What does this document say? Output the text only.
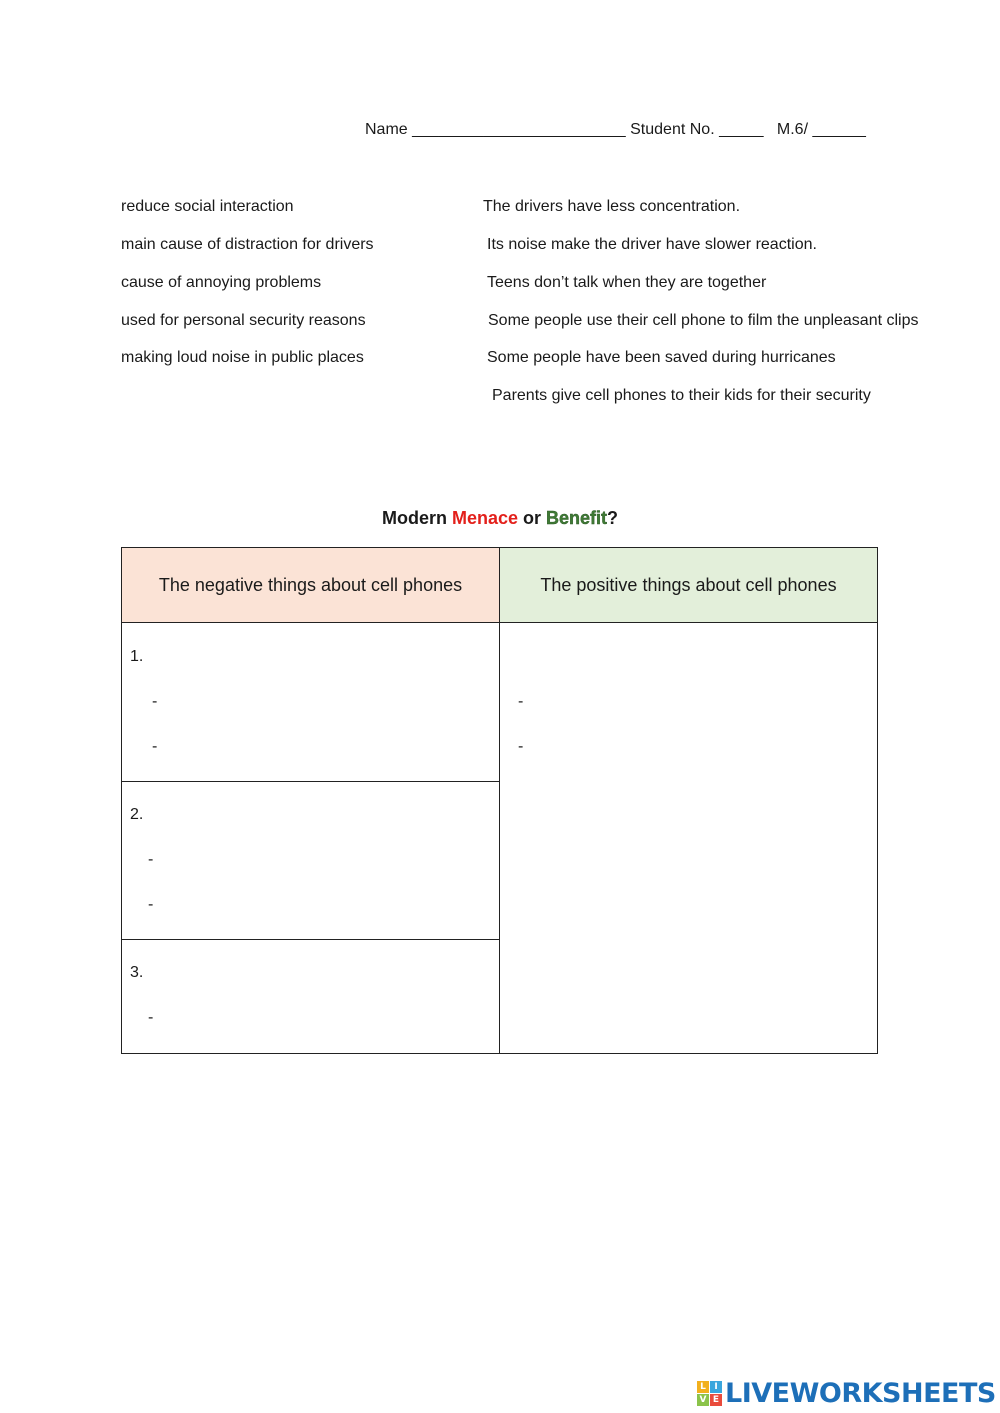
Name ________________________ Student No. _____   M.6/ ______
reduce social interaction
main cause of distraction for drivers
cause of annoying problems
used for personal security reasons
making loud noise in public places
The drivers have less concentration.
Its noise make the driver have slower reaction.
Teens don’t talk when they are together
Some people use their cell phone to film the unpleasant clips
Some people have been saved during hurricanes
Parents give cell phones to their kids for their security
Modern Menace or Benefit?
The negative things about cell phones	The positive things about cell phones
1.
-
-
2.
-
-
3.
-
-
-
L I
V E LIVEWORKSHEETS
